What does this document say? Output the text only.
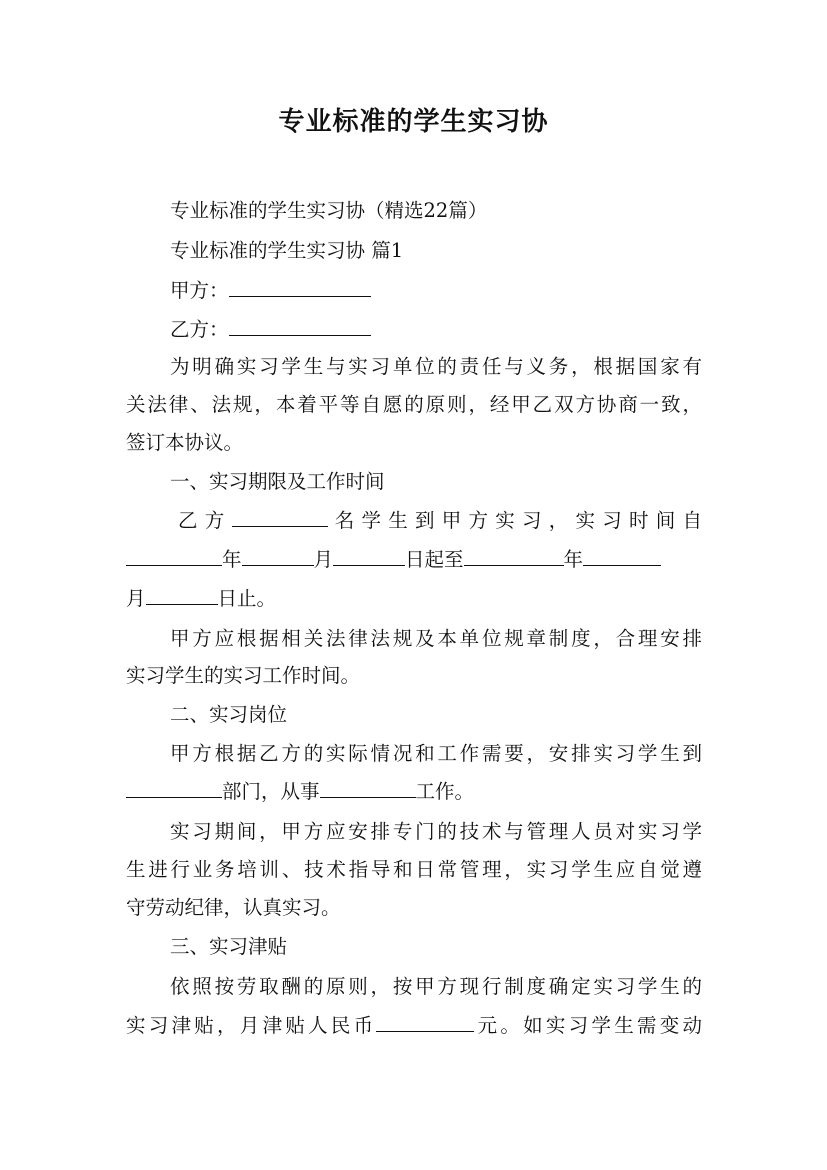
专业标准的学生实习协

专业标准的学生实习协（精选22篇）

专业标准的学生实习协 篇1

甲方：

乙方：

为明确实习学生与实习单位的责任与义务，根据国家有

关法律、法规，本着平等自愿的原则，经甲乙双方协商一致，

签订本协议。

一、实习期限及工作时间

乙方	名学生到甲方实习，实习时间自

年	月	日起至	年

月	日止。

甲方应根据相关法律法规及本单位规章制度，合理安排

实习学生的实习工作时间。

二、实习岗位

甲方根据乙方的实际情况和工作需要，安排实习学生到

部门，从事	工作。

实习期间，甲方应安排专门的技术与管理人员对实习学

生进行业务培训、技术指导和日常管理，实习学生应自觉遵

守劳动纪律，认真实习。

三、实习津贴

依照按劳取酬的原则，按甲方现行制度确定实习学生的

实习津贴，月津贴人民币	元。如实习学生需变动
